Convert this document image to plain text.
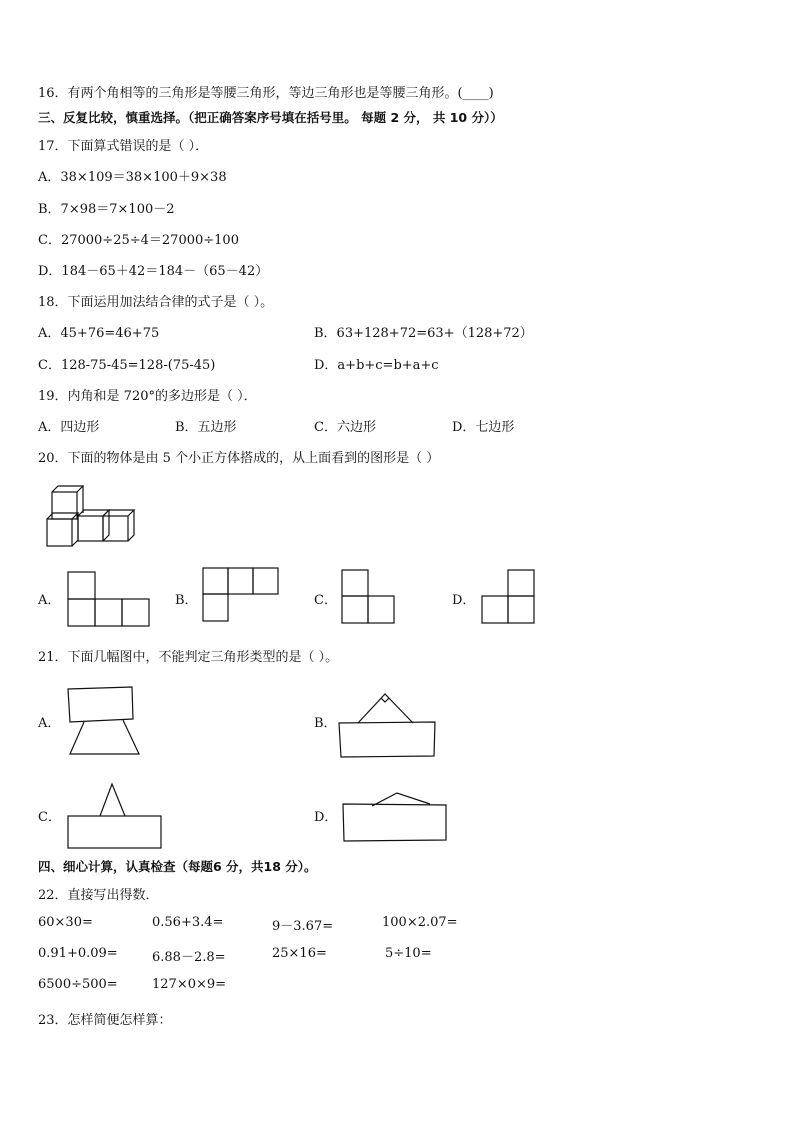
16．有两个角相等的三角形是等腰三角形，等边三角形也是等腰三角形。(____)
三、反复比较，慎重选择。（把正确答案序号填在括号里。 每题 2 分， 共 10 分））
17．下面算式错误的是（ ）．
A．38×109＝38×100＋9×38
B．7×98＝7×100－2
C．27000÷25÷4＝27000÷100
D．184－65＋42＝184－（65－42）
18．下面运用加法结合律的式子是（ ）。
A．45+76=46+75	B．63+128+72=63+（128+72）
C．128-75-45=128-(75-45)	D．a+b+c=b+a+c
19．内角和是 720°的多边形是（ ）．
A．四边形	B．五边形	C．六边形	D．七边形
20．下面的物体是由 5 个小正方体搭成的，从上面看到的图形是（ ）
A．	B．	C．	D．
21．下面几幅图中，不能判定三角形类型的是（ ）。
A．	B．
C．	D．
四、细心计算，认真检查（每题6 分，共18 分）。
22．直接写出得数．
60×30=	0.56+3.4=	9－3.67=	100×2.07=
0.91+0.09=	6.88－2.8=	25×16=	5÷10=
6500÷500=	127×0×9=
23．怎样简便怎样算：
